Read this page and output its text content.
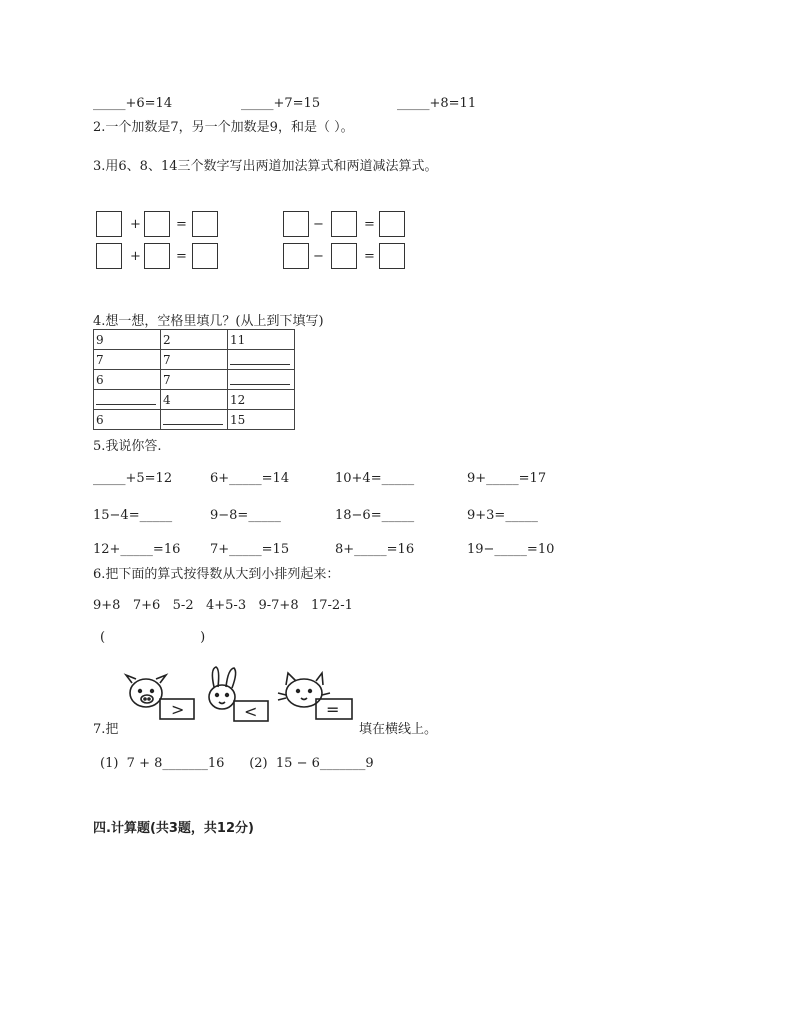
_____+6=14	_____+7=15	_____+8=11
2.一个加数是7，另一个加数是9，和是（ ）。
3.用6、8、14三个数字写出两道加法算式和两道减法算式。
+	=
+	=
−	=
−	=
4.想一想，空格里填几？(从上到下填写)
9	2	11
7	7	
6	7	
	4	12
6		15
5.我说你答.
_____+5=12	6+_____=14	10+4=_____	9+_____=17
15−4=_____	9−8=_____	18−6=_____	9+3=_____
12+_____=16 7+_____=15	8+_____=16	19−_____=10
6.把下面的算式按得数从大到小排列起来：
9+8   7+6   5-2   4+5-3   9-7+8   17-2-1
(                       )
7.把
>	<	=
填在横线上。
(1)  7 + 8_______16      (2)  15 − 6_______9
四.计算题(共3题，共12分)
